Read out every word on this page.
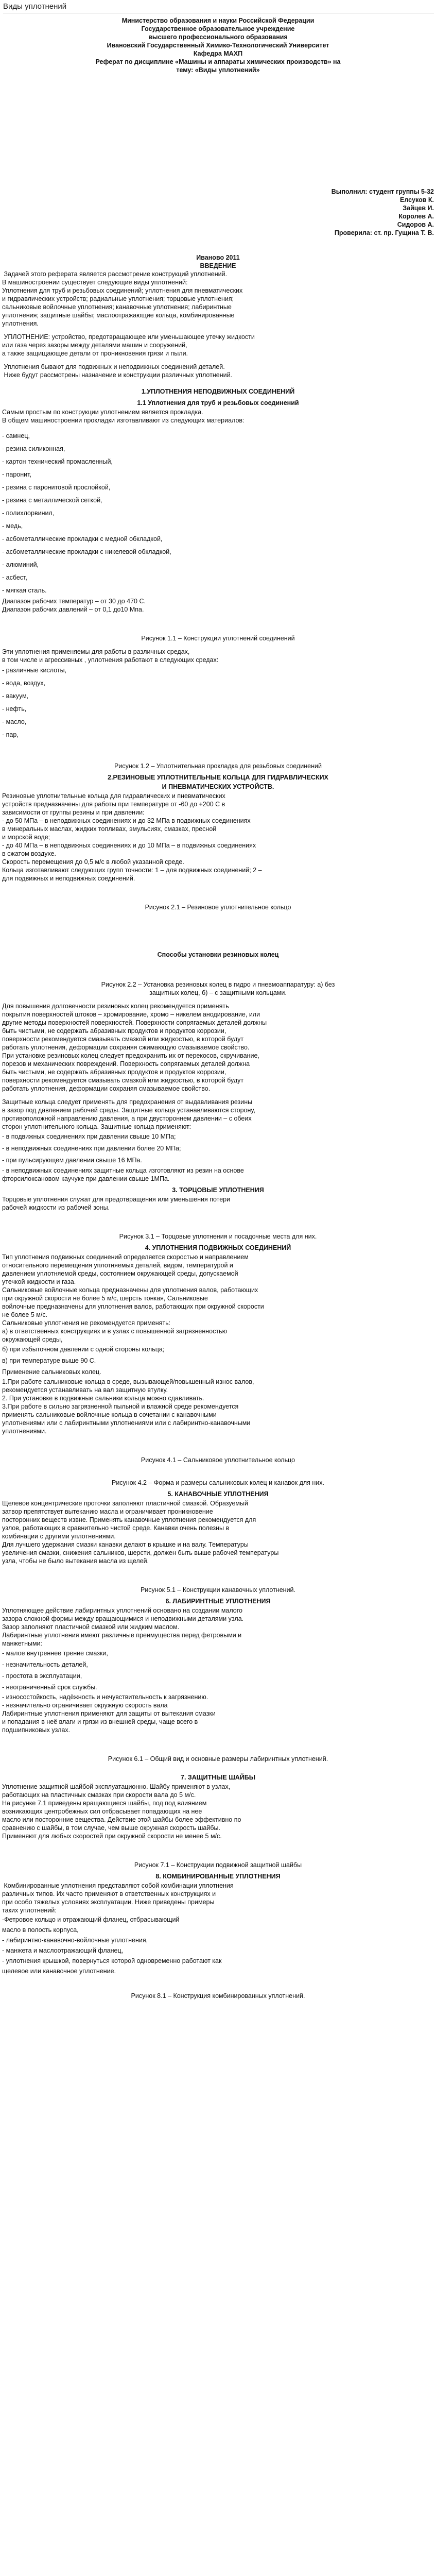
Виды уплотнений

Министерство образования и науки Российской Федерации

Государственное образовательное учреждение

высшего профессионального образования

Ивановский Государственный Химико-Технологический Университет

Кафедра МАХП

Реферат по дисциплине «Машины и аппараты химических производств» на

тему: «Виды уплотнений»

Выполнил: студент группы 5-32

Елсуков К.

Зайцев И.

Королев А.

Сидоров А.

Проверила: ст. пр. Гущина Т. В.

Иваново 2011

ВВЕДЕНИЕ

Задачей этого реферата является рассмотрение конструкций уплотнений.

В машиностроении существует следующие виды уплотнений:

Уплотнения для труб и резьбовых соединений; уплотнения для пневматических

и гидравлических устройств; радиальные уплотнения; торцовые уплотнения;

сальниковые войлочные уплотнения; канавочные уплотнения; лабиринтные

уплотнения; защитные шайбы; маслоотражающие кольца, комбинированные

уплотнения.

УПЛОТНЕНИЕ: устройство, предотвращающее или уменьшающее утечку жидкости

или газа через зазоры между деталями машин и сооружений,

а также защищающее детали от проникновения грязи и пыли.

Уплотнения бывают для подвижных и неподвижных соединений деталей.

Ниже будут рассмотрены назначение и конструкции различных уплотнений.

1.УПЛОТНЕНИЯ НЕПОДВИЖНЫХ СОЕДИНЕНИЙ

1.1 Уплотнения для труб и резьбовых соединений

Самым простым по конструкции уплотнением является прокладка.

В общем машиностроении прокладки изготавливают из следующих материалов:

- самнец,

- резина cиликонная,

- картон технический промасленный,

- паронит,

- резина с паронитовой прослойкой,

- резина с металлической сеткой,

- полихлорвинил,

- медь,

- асбометаллические прокладки с медной обкладкой,

- асбометаллические прокладки с никелевой обкладкой,

- алюминий,

- асбест,

- мягкая сталь.

Диапазон рабочих температур – от 30 до 470 С.

Диапазон рабочих давлений – от 0,1 до10 Мпа.

Рисунок 1.1 – Конструкции уплотнений соединений

Эти уплотнения применяемы для работы в различных средах,

в том числе и агрессивных , уплотнения работают в следующих средах:

- различные кислоты,

- вода, воздух,

- вакуум,

- нефть,

- масло,

- пар,

Рисунок 1.2 – Уплотнительная прокладка для резьбовых соединений

2.РЕЗИНОВЫЕ УПЛОТНИТЕЛЬНЫЕ КОЛЬЦА ДЛЯ ГИДРАВЛИЧЕСКИХ

И ПНЕВМАТИЧЕСКИХ УСТРОЙСТВ.

Резиновые уплотнительные кольца для гидравлических и пневматических

устройств предназначены для работы при температуре от -60 до +200 С в

зависимости от группы резины и при давлении:

- до 50 МПа – в неподвижных соединениях и до 32 МПа в подвижных соединениях

в минеральных маслах, жидких топливах, эмульсиях, смазках, пресной

и морской воде;

- до 40 МПа – в неподвижных соединениях и до 10 МПа – в подвижных соединениях

в сжатом воздухе.

Скорость перемещения до 0,5 м/с в любой указанной среде.

Кольца изготавливают следующих групп точности: 1 – для подвижных соединений; 2 –

для подвижных и неподвижных соединений.

Рисунок 2.1 – Резиновое уплотнительное кольцо

Способы установки резиновых колец

Рисунок 2.2 – Установка резиновых колец в гидро и пневмоаппаратуру: а) без

защитных колец, б) – с защитными кольцами.

Для повышения долговечности резиновых колец рекомендуется применять

покрытия поверхностей штоков – хромирование, хромо – никелем анодирование, или

другие методы поверхностей поверхностей. Поверхности сопрягаемых деталей должны

быть чистыми, не содержать абразивных продуктов и продуктов коррозии,

поверхности рекомендуется смазывать смазкой или жидкостью, в которой будут

работать уплотнения, деформации сохраняя сжимающую смазываемое свойство.

При установке резиновых колец следует предохранить их от перекосов, скручивание,

порезов и механических повреждений. Поверхность сопрягаемых деталей должна

быть чистыми, не содержать абразивных продуктов и продуктов коррозии,

поверхности рекомендуется смазывать смазкой или жидкостью, в которой будут

работать уплотнения, деформации сохраняя смазываемое свойство.

Защитные кольца следует применять для предохранения от выдавливания резины

в зазор под давлением рабочей среды. Защитные кольца устанавливаются сторону,

противоположной направлению давления, а при двустороннем давлении – с обеих

сторон уплотнительного кольца. Защитные кольца применяют:

- в подвижных соединениях при давлении свыше 10 МПа;

- в неподвижных соединениях при давлении более 20 МПа;

- при пульсирующем давлении свыше 16 МПа.

- в неподвижных соединениях защитные кольца изготовляют из резин на основе

фторсилоксановом каучуке при давлении свыше 1МПа.

3. ТОРЦОВЫЕ УПЛОТНЕНИЯ

Торцовые уплотнения служат для предотвращения или уменьшения потери

рабочей жидкости из рабочей зоны.

Рисунок 3.1 – Торцовые уплотнения и посадочные места для них.

4. УПЛОТНЕНИЯ ПОДВИЖНЫХ СОЕДИНЕНИЙ

Тип уплотнения подвижных соединений определяется скоростью и направлением

относительного перемещения уплотняемых деталей, видом, температурой и

давлением уплотняемой среды, состоянием окружающей среды, допускаемой

утечкой жидкости и газа.

Сальниковые войлочные кольца предназначены для уплотнения валов, работающих

при окружной скорости не более 5 м/с, шерсть тонкая, Сальниковые

войлочные предназначены для уплотнения валов, работающих при окружной скорости

не более 5 м/с.

Сальниковые уплотнения не рекомендуется применять:

а) в ответственных конструкциях и в узлах с повышенной загрязненностью

окружающей среды,

б) при избыточном давлении с одной стороны кольца;

в) при температуре выше 90 С.

Применение сальниковых колец.

1.При работе сальниковые кольца в среде, вызывающей/повышенный износ валов,

рекомендуется устанавливать на вал защитную втулку.

2. При установке в подвижные сальники кольца можно сдавливать.

3.При работе в сильно загрязненной пыльной и влажной среде рекомендуется

применять сальниковые войлочные кольца в сочетании с канавочными

уплотнениями или с лабиринтными уплотнениями или с лабиринтно-канавочными

уплотнениями.

Рисунок 4.1 – Сальниковое уплотнительное кольцо

Рисунок 4.2 – Форма и размеры сальниковых колец и канавок для них.

5. КАНАВОЧНЫЕ УПЛОТНЕНИЯ

Щелевое концентрические проточки заполняют пластичной смазкой. Образуемый

затвор препятствует вытеканию масла и ограничивает проникновение

посторонних веществ извне. Применять канавочные уплотнения рекомендуется для

узлов, работающих в сравнительно чистой среде. Канавки очень полезны в

комбинации с другими уплотнениями.

Для лучшего удержания смазки канавки делают в крышке и на валу. Температуры

увеличения смазки, снижения сальников, шерсти, должен быть выше рабочей температуры

узла, чтобы не было вытекания масла из щелей.

Рисунок 5.1 – Конструкции канавочных уплотнений.

6. ЛАБИРИНТНЫЕ УПЛОТНЕНИЯ

Уплотняющее действие лабиринтных уплотнений основано на создании малого

зазора сложной формы между вращающимися и неподвижными деталями узла.

Зазор заполняют пластичной смазкой или жидким маслом.

Лабиринтные уплотнения имеют различные преимущества перед фетровыми и

манжетными:

- малое внутреннее трение смазки,

- незначительность деталей,

- простота в эксплуатации,

- неограниченный срок службы.

- износостойкость, надёжность и нечувствительность к загрязнению.

- незначительно ограничивает окружную скорость вала

Лабиринтные уплотнения применяют для защиты от вытекания смазки

и попадания в неё влаги и грязи из внешней среды, чаще всего в

подшипниковых узлах.

Рисунок 6.1 – Общий вид и основные размеры лабиринтных уплотнений.

7. ЗАЩИТНЫЕ ШАЙБЫ

Уплотнение защитной шайбой эксплуатационно. Шайбу применяют в узлах,

работающих на пластичных смазках при скорости вала до 5 м/с.

На рисунке 7.1 приведены вращающиеся шайбы, под под влиянием

возникающих центробежных сил отбрасывает попадающих на нее

масло или посторонние вещества. Действие этой шайбы более эффективно по

сравнению с шайбы, в том случае, чем выше окружная скорость шайбы.

Применяют для любых скоростей при окружной скорости не менее 5 м/с.

Рисунок 7.1 – Конструкции подвижной защитной шайбы

8. КОМБИНИРОВАННЫЕ УПЛОТНЕНИЯ

Комбинированные уплотнения представляют собой комбинации уплотнения

различных типов. Их часто применяют в ответственных конструкциях и

при особо тяжелых условиях эксплуатации. Ниже приведены примеры

таких уплотнений:

-Фетровое кольцо и отражающий фланец, отбрасывающий

масло в полость корпуса,

- лабиринтно-канавочно-войлочные уплотнения,

- манжета и маслоотражающий фланец,

- уплотнения крышкой, повернуться которой одновременно работают как

щелевое или канавочное уплотнение.

Рисунок 8.1 – Конструкция комбинированных уплотнений.
